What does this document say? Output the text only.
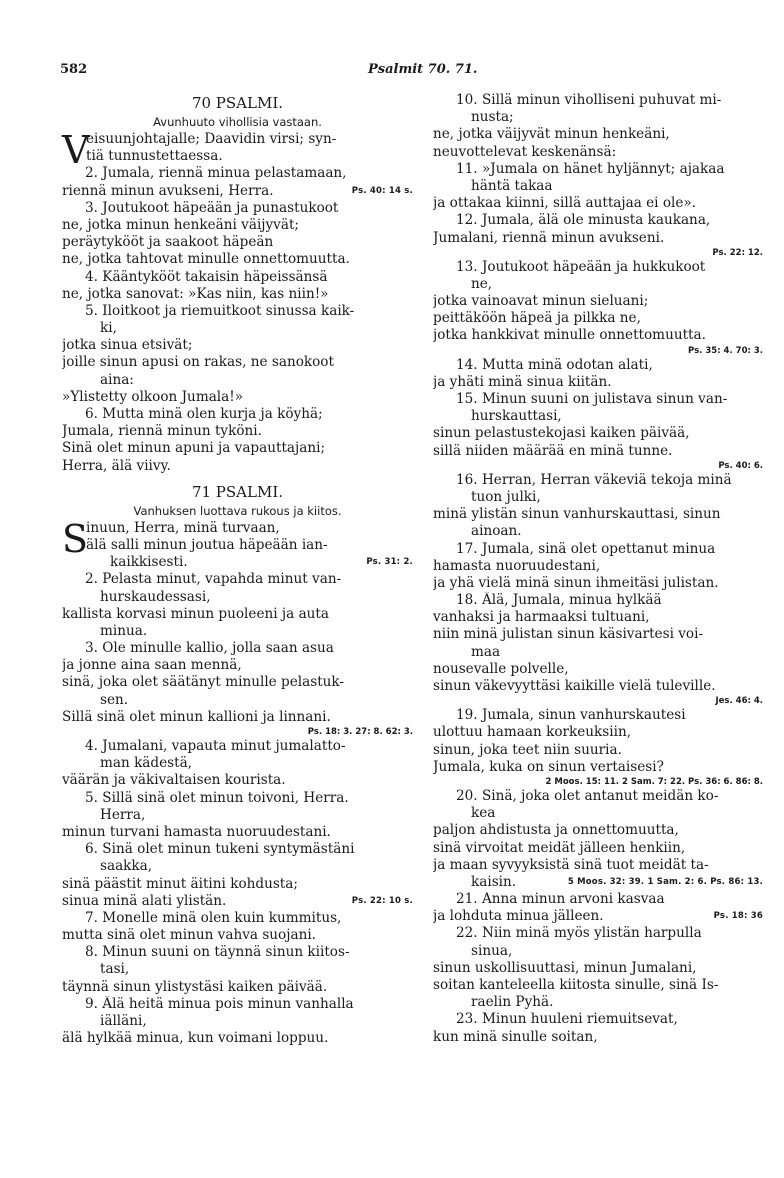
582	Psalmit 70. 71.
70 PSALMI.
Avunhuuto vihollisia vastaan.
V
eisuunjohtajalle; Daavidin virsi; syn-
tiä tunnustettaessa.
2. Jumala, riennä minua pelastamaan,
riennä minun avukseni, Herra.	Ps. 40: 14 s.
3. Joutukoot häpeään ja punastukoot
ne, jotka minun henkeäni väijyvät;
peräytykööt ja saakoot häpeän
ne, jotka tahtovat minulle onnettomuutta.
4. Kääntykööt takaisin häpeissänsä
ne, jotka sanovat: »Kas niin, kas niin!»
5. Iloitkoot ja riemuitkoot sinussa kaik-
ki,
jotka sinua etsivät;
joille sinun apusi on rakas, ne sanokoot
aina:
»Ylistetty olkoon Jumala!»
6. Mutta minä olen kurja ja köyhä;
Jumala, riennä minun tyköni.
Sinä olet minun apuni ja vapauttajani;
Herra, älä viivy.
71 PSALMI.
Vanhuksen luottava rukous ja kiitos.
S
inuun, Herra, minä turvaan,
älä salli minun joutua häpeään ian-
kaikkisesti.	Ps. 31: 2.
2. Pelasta minut, vapahda minut van-
hurskaudessasi,
kallista korvasi minun puoleeni ja auta
minua.
3. Ole minulle kallio, jolla saan asua
ja jonne aina saan mennä,
sinä, joka olet säätänyt minulle pelastuk-
sen.
Sillä sinä olet minun kallioni ja linnani.
Ps. 18: 3. 27: 8. 62: 3.
4. Jumalani, vapauta minut jumalatto-
man kädestä,
väärän ja väkivaltaisen kourista.
5. Sillä sinä olet minun toivoni, Herra.
Herra,
minun turvani hamasta nuoruudestani.
6. Sinä olet minun tukeni syntymästäni
saakka,
sinä päästit minut äitini kohdusta;
sinua minä alati ylistän.	Ps. 22: 10 s.
7. Monelle minä olen kuin kummitus,
mutta sinä olet minun vahva suojani.
8. Minun suuni on täynnä sinun kiitos-
tasi,
täynnä sinun ylistystäsi kaiken päivää.
9. Älä heitä minua pois minun vanhalla
iälläni,
älä hylkää minua, kun voimani loppuu.
10. Sillä minun viholliseni puhuvat mi-
nusta;
ne, jotka väijyvät minun henkeäni,
neuvottelevat keskenänsä:
11. »Jumala on hänet hyljännyt; ajakaa
häntä takaa
ja ottakaa kiinni, sillä auttajaa ei ole».
12. Jumala, älä ole minusta kaukana,
Jumalani, riennä minun avukseni.
Ps. 22: 12.
13. Joutukoot häpeään ja hukkukoot
ne,
jotka vainoavat minun sieluani;
peittäköön häpeä ja pilkka ne,
jotka hankkivat minulle onnettomuutta.
Ps. 35: 4. 70: 3.
14. Mutta minä odotan alati,
ja yhäti minä sinua kiitän.
15. Minun suuni on julistava sinun van-
hurskauttasi,
sinun pelastustekojasi kaiken päivää,
sillä niiden määrää en minä tunne.
Ps. 40: 6.
16. Herran, Herran väkeviä tekoja minä
tuon julki,
minä ylistän sinun vanhurskauttasi, sinun
ainoan.
17. Jumala, sinä olet opettanut minua
hamasta nuoruudestani,
ja yhä vielä minä sinun ihmeitäsi julistan.
18. Älä, Jumala, minua hylkää
vanhaksi ja harmaaksi tultuani,
niin minä julistan sinun käsivartesi voi-
maa
nousevalle polvelle,
sinun väkevyyttäsi kaikille vielä tuleville.
Jes. 46: 4.
19. Jumala, sinun vanhurskautesi
ulottuu hamaan korkeuksiin,
sinun, joka teet niin suuria.
Jumala, kuka on sinun vertaisesi?
2 Moos. 15: 11. 2 Sam. 7: 22. Ps. 36: 6. 86: 8.
20. Sinä, joka olet antanut meidän ko-
kea
paljon ahdistusta ja onnettomuutta,
sinä virvoitat meidät jälleen henkiin,
ja maan syvyyksistä sinä tuot meidät ta-
kaisin.	5 Moos. 32: 39. 1 Sam. 2: 6. Ps. 86: 13.
21. Anna minun arvoni kasvaa
ja lohduta minua jälleen.	Ps. 18: 36
22. Niin minä myös ylistän harpulla
sinua,
sinun uskollisuuttasi, minun Jumalani,
soitan kanteleella kiitosta sinulle, sinä Is-
raelin Pyhä.
23. Minun huuleni riemuitsevat,
kun minä sinulle soitan,
